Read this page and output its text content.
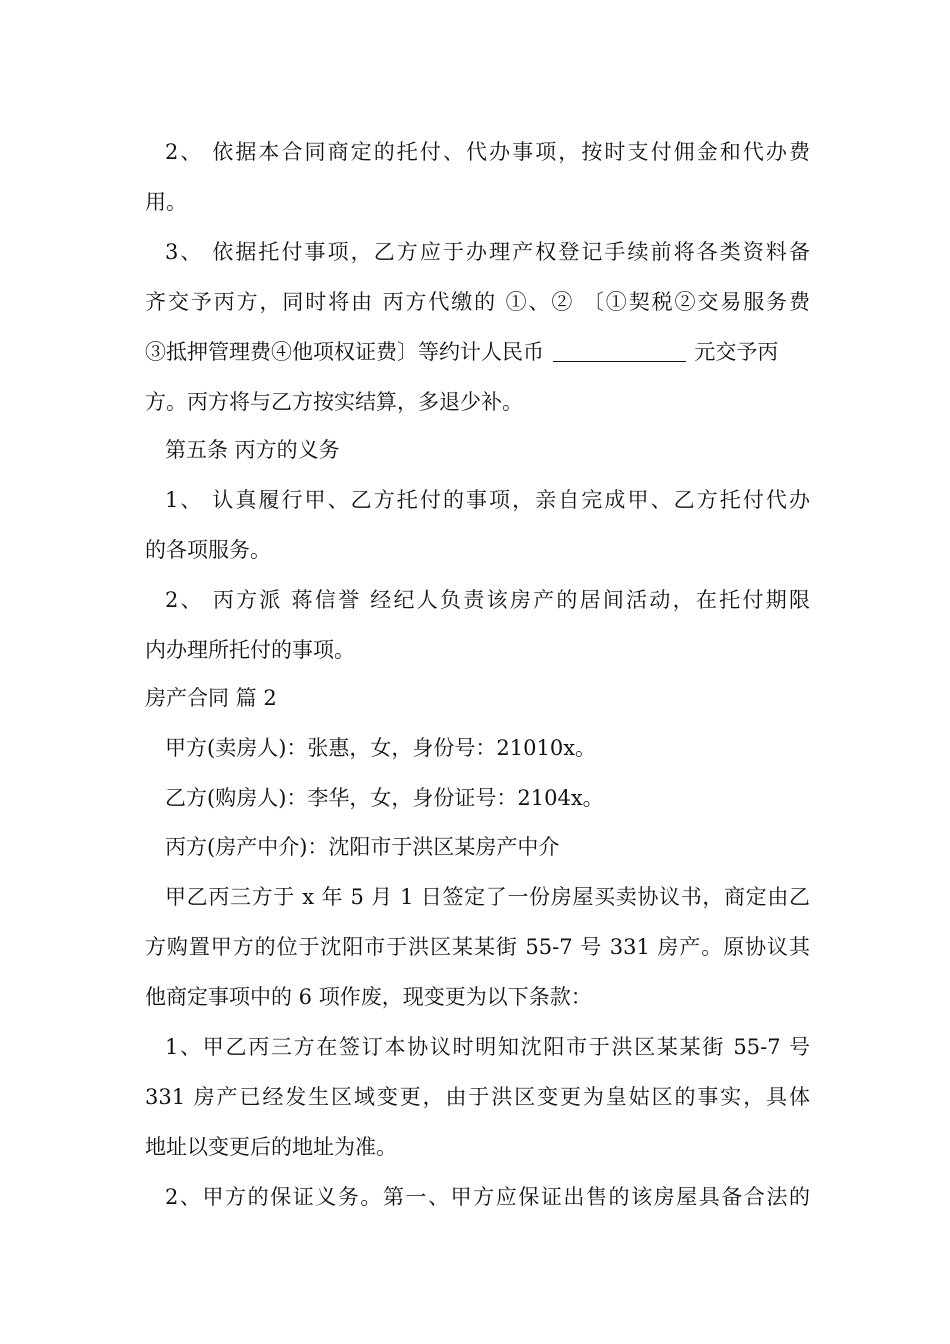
2、 依据本合同商定的托付、代办事项，按时支付佣金和代办费
用。
3、 依据托付事项，乙方应于办理产权登记手续前将各类资料备
齐交予丙方，同时将由 丙方代缴的 ①、② 〔①契税②交易服务费
③抵押管理费④他项权证费〕等约计人民币	元交予丙
方。丙方将与乙方按实结算，多退少补。
第五条 丙方的义务
1、 认真履行甲、乙方托付的事项，亲自完成甲、乙方托付代办
的各项服务。
2、 丙方派 蒋信誉 经纪人负责该房产的居间活动，在托付期限
内办理所托付的事项。
房产合同 篇 2
甲方(卖房人)：张惠，女，身份号：21010x。
乙方(购房人)：李华，女，身份证号：2104x。
丙方(房产中介)：沈阳市于洪区某房产中介
甲乙丙三方于 x 年 5 月 1 日签定了一份房屋买卖协议书，商定由乙
方购置甲方的位于沈阳市于洪区某某街 55-7 号 331 房产。原协议其
他商定事项中的 6 项作废，现变更为以下条款：
1、甲乙丙三方在签订本协议时明知沈阳市于洪区某某街 55-7 号
331 房产已经发生区域变更，由于洪区变更为皇姑区的事实，具体
地址以变更后的地址为准。
2、甲方的保证义务。第一、甲方应保证出售的该房屋具备合法的
